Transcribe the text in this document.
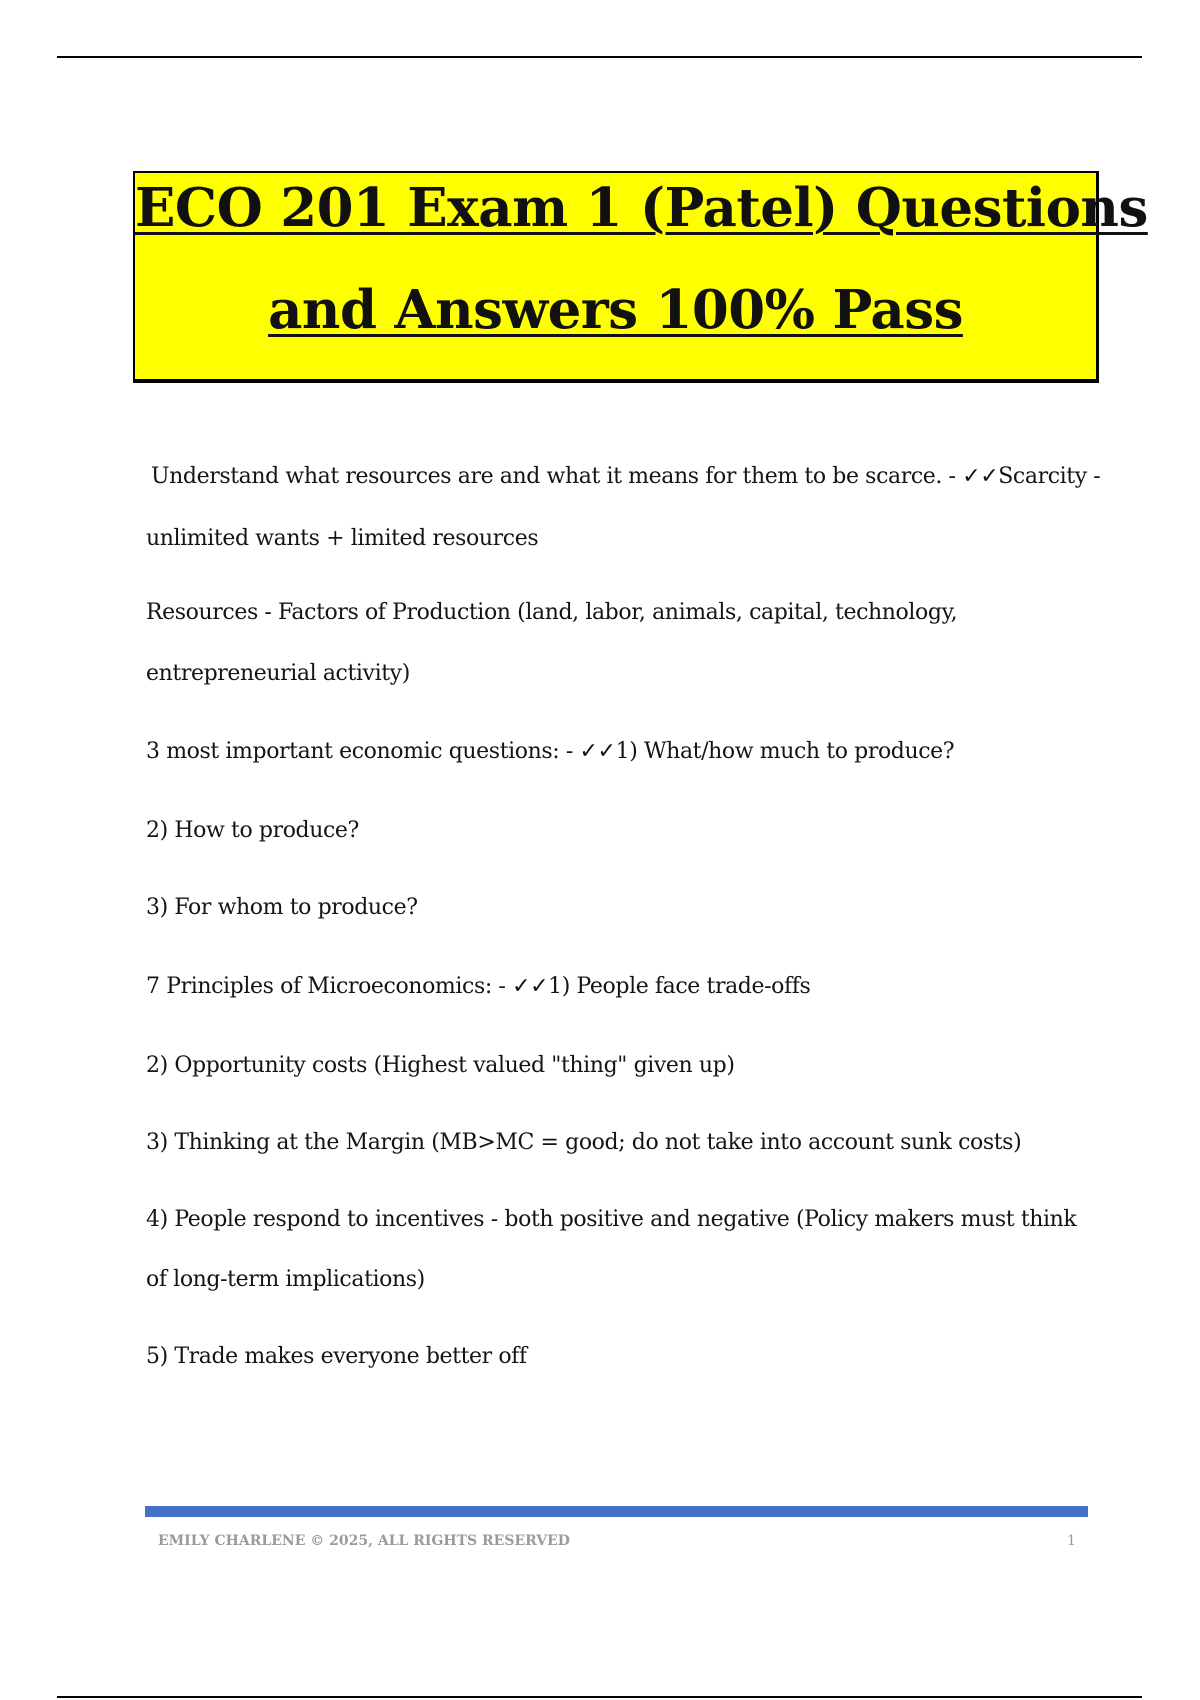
ECO 201 Exam 1 (Patel) Questions
and Answers 100% Pass
Understand what resources are and what it means for them to be scarce. - ✓✓Scarcity -
unlimited wants + limited resources
Resources - Factors of Production (land, labor, animals, capital, technology,
entrepreneurial activity)
3 most important economic questions: - ✓✓1) What/how much to produce?
2) How to produce?
3) For whom to produce?
7 Principles of Microeconomics: - ✓✓1) People face trade-offs
2) Opportunity costs (Highest valued "thing" given up)
3) Thinking at the Margin (MB>MC = good; do not take into account sunk costs)
4) People respond to incentives - both positive and negative (Policy makers must think
of long-term implications)
5) Trade makes everyone better off
EMILY CHARLENE © 2025, ALL RIGHTS RESERVED	1
